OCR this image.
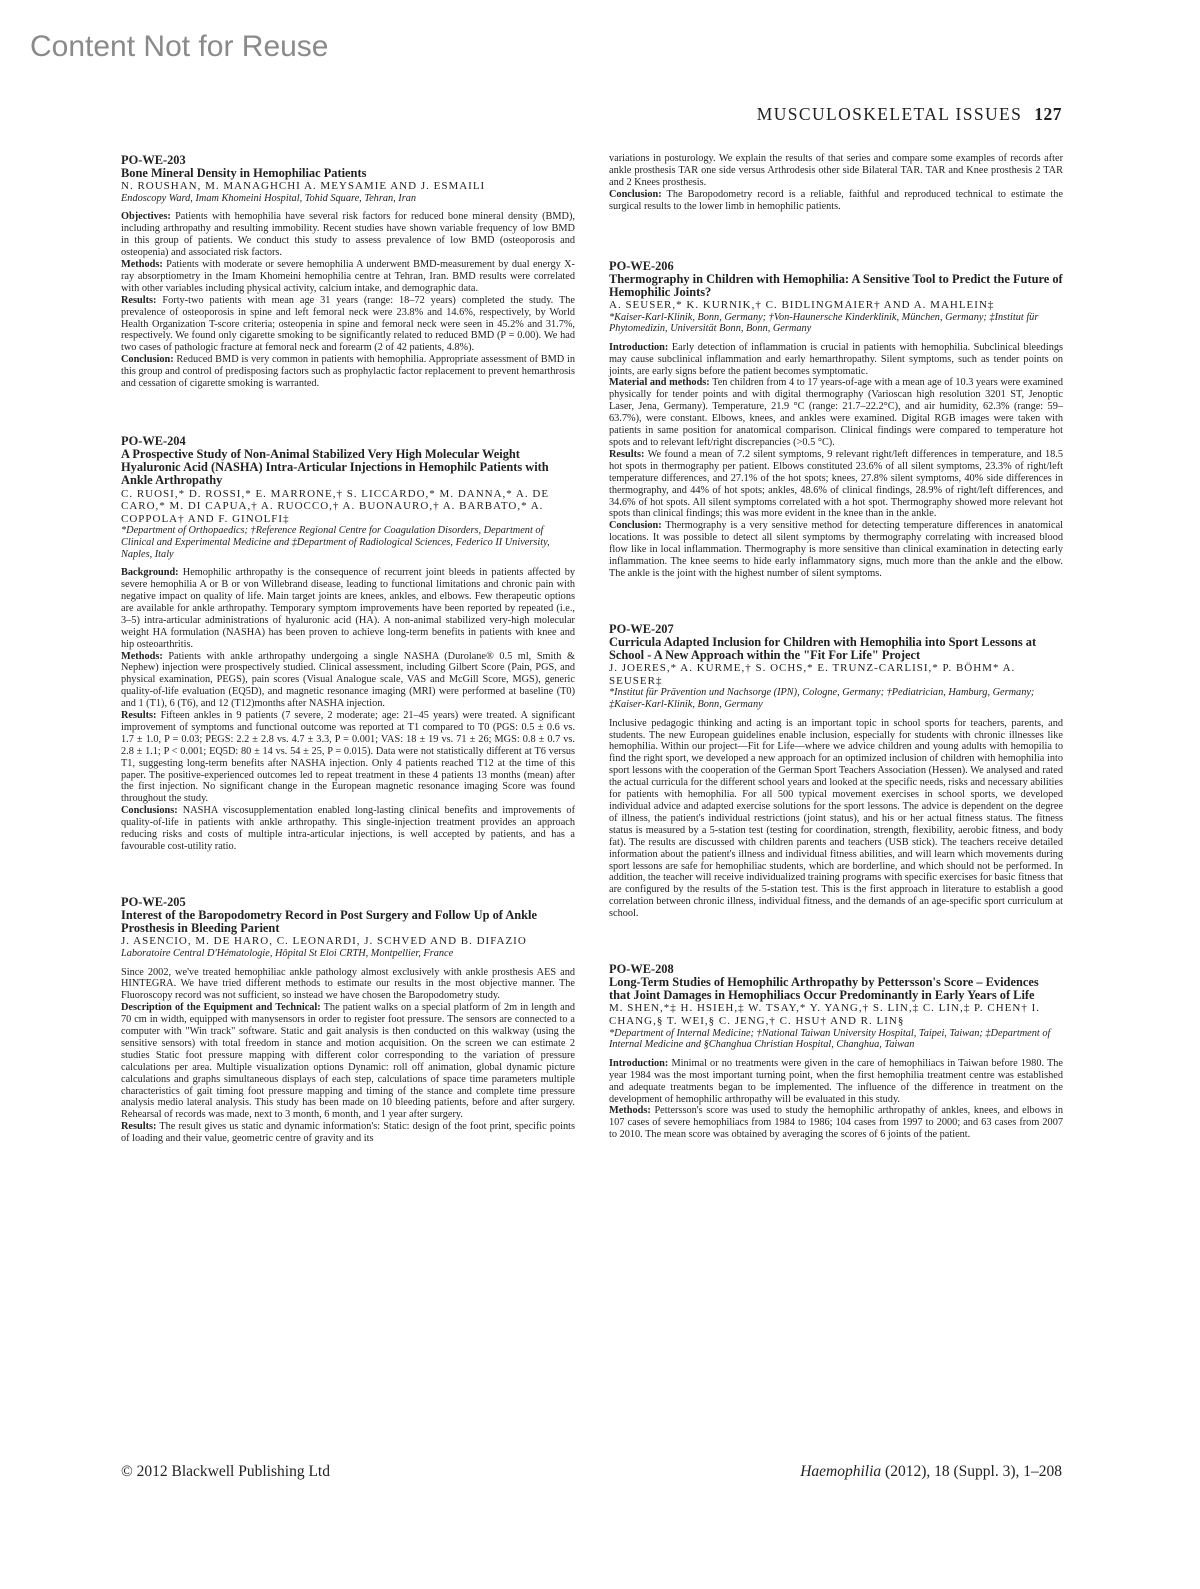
Content Not for Reuse
MUSCULOSKELETAL ISSUES 127
PO-WE-203
Bone Mineral Density in Hemophiliac Patients
N. ROUSHAN, M. MANAGHCHI A. MEYSAMIE AND J. ESMAILI
Endoscopy Ward, Imam Khomeini Hospital, Tohid Square, Tehran, Iran

Objectives: Patients with hemophilia have several risk factors for reduced bone mineral density (BMD), including arthropathy and resulting immobility. Recent studies have shown variable frequency of low BMD in this group of patients. We conduct this study to assess prevalence of low BMD (osteoporosis and osteopenia) and associated risk factors.

Methods: Patients with moderate or severe hemophilia A underwent BMD-measurement by dual energy X-ray absorptiometry in the Imam Khomeini hemophilia centre at Tehran, Iran. BMD results were correlated with other variables including physical activity, calcium intake, and demographic data.

Results: Forty-two patients with mean age 31 years (range: 18–72 years) completed the study. The prevalence of osteoporosis in spine and left femoral neck were 23.8% and 14.6%, respectively, by World Health Organization T-score criteria; osteopenia in spine and femoral neck were seen in 45.2% and 31.7%, respectively. We found only cigarette smoking to be significantly related to reduced BMD (P = 0.00). We had two cases of pathologic fracture at femoral neck and forearm (2 of 42 patients, 4.8%).

Conclusion: Reduced BMD is very common in patients with hemophilia. Appropriate assessment of BMD in this group and control of predisposing factors such as prophylactic factor replacement to prevent hemarthrosis and cessation of cigarette smoking is warranted.

PO-WE-204
A Prospective Study of Non-Animal Stabilized Very High Molecular Weight Hyaluronic Acid (NASHA) Intra-Articular Injections in Hemophilc Patients with Ankle Arthropathy
C. RUOSI,* D. ROSSI,* E. MARRONE,† S. LICCARDO,* M. DANNA,* A. DE CARO,* M. DI CAPUA,† A. RUOCCO,† A. BUONAURO,† A. BARBATO,* A. COPPOLA† AND F. GINOLFI‡
*Department of Orthopaedics; †Reference Regional Centre for Coagulation Disorders, Department of Clinical and Experimental Medicine and ‡Department of Radiological Sciences, Federico II University, Naples, Italy

Background: Hemophilic arthropathy is the consequence of recurrent joint bleeds in patients affected by severe hemophilia A or B or von Willebrand disease, leading to functional limitations and chronic pain with negative impact on quality of life. Main target joints are knees, ankles, and elbows. Few therapeutic options are available for ankle arthropathy. Temporary symptom improvements have been reported by repeated (i.e., 3–5) intra-articular administrations of hyaluronic acid (HA). A non-animal stabilized very-high molecular weight HA formulation (NASHA) has been proven to achieve long-term benefits in patients with knee and hip osteoarthritis.

Methods: Patients with ankle arthropathy undergoing a single NASHA (Durolane® 0.5 ml, Smith & Nephew) injection were prospectively studied. Clinical assessment, including Gilbert Score (Pain, PGS, and physical examination, PEGS), pain scores (Visual Analogue scale, VAS and McGill Score, MGS), generic quality-of-life evaluation (EQ5D), and magnetic resonance imaging (MRI) were performed at baseline (T0) and 1 (T1), 6 (T6), and 12 (T12)months after NASHA injection.

Results: Fifteen ankles in 9 patients (7 severe, 2 moderate; age: 21–45 years) were treated. A significant improvement of symptoms and functional outcome was reported at T1 compared to T0 (PGS: 0.5 ± 0.6 vs. 1.7 ± 1.0, P = 0.03; PEGS: 2.2 ± 2.8 vs. 4.7 ± 3.3, P = 0.001; VAS: 18 ± 19 vs. 71 ± 26; MGS: 0.8 ± 0.7 vs. 2.8 ± 1.1; P < 0.001; EQ5D: 80 ± 14 vs. 54 ± 25, P = 0.015). Data were not statistically different at T6 versus T1, suggesting long-term benefits after NASHA injection. Only 4 patients reached T12 at the time of this paper. The positive-experienced outcomes led to repeat treatment in these 4 patients 13 months (mean) after the first injection. No significant change in the European magnetic resonance imaging Score was found throughout the study.

Conclusions: NASHA viscosupplementation enabled long-lasting clinical benefits and improvements of quality-of-life in patients with ankle arthropathy. This single-injection treatment provides an approach reducing risks and costs of multiple intra-articular injections, is well accepted by patients, and has a favourable cost-utility ratio.

PO-WE-205
Interest of the Baropodometry Record in Post Surgery and Follow Up of Ankle Prosthesis in Bleeding Parient
J. ASENCIO, M. DE HARO, C. LEONARDI, J. SCHVED AND B. DIFAZIO
Laboratoire Central D'Hématologie, Hôpital St Eloi CRTH, Montpellier, France

Since 2002, we've treated hemophiliac ankle pathology almost exclusively with ankle prosthesis AES and HINTEGRA. We have tried different methods to estimate our results in the most objective manner. The Fluoroscopy record was not sufficient, so instead we have chosen the Baropodometry study.

Description of the Equipment and Technical: The patient walks on a special platform of 2m in length and 70 cm in width, equipped with manysensors in order to register foot pressure. The sensors are connected to a computer with "Win track" software. Static and gait analysis is then conducted on this walkway (using the sensitive sensors) with total freedom in stance and motion acquisition. On the screen we can estimate 2 studies Static foot pressure mapping with different color corresponding to the variation of pressure calculations per area. Multiple visualization options Dynamic: roll off animation, global dynamic picture calculations and graphs simultaneous displays of each step, calculations of space time parameters multiple characteristics of gait timing foot pressure mapping and timing of the stance and complete time pressure analysis medio lateral analysis. This study has been made on 10 bleeding patients, before and after surgery. Rehearsal of records was made, next to 3 month, 6 month, and 1 year after surgery.

Results: The result gives us static and dynamic information's: Static: design of the foot print, specific points of loading and their value, geometric centre of gravity and its

variations in posturology. We explain the results of that series and compare some examples of records after ankle prosthesis TAR one side versus Arthrodesis other side Bilateral TAR. TAR and Knee prosthesis 2 TAR and 2 Knees prosthesis.

Conclusion: The Baropodometry record is a reliable, faithful and reproduced technical to estimate the surgical results to the lower limb in hemophilic patients.

PO-WE-206
Thermography in Children with Hemophilia: A Sensitive Tool to Predict the Future of Hemophilic Joints?
A. SEUSER,* K. KURNIK,† C. BIDLINGMAIER† AND A. MAHLEIN‡
*Kaiser-Karl-Klinik, Bonn, Germany; †Von-Haunersche Kinderklinik, München, Germany; ‡Institut für Phytomedizin, Universität Bonn, Bonn, Germany

Introduction: Early detection of inflammation is crucial in patients with hemophilia. Subclinical bleedings may cause subclinical inflammation and early hemarthropathy. Silent symptoms, such as tender points on joints, are early signs before the patient becomes symptomatic.

Material and methods: Ten children from 4 to 17 years-of-age with a mean age of 10.3 years were examined physically for tender points and with digital thermography (Varioscan high resolution 3201 ST, Jenoptic Laser, Jena, Germany). Temperature, 21.9 °C (range: 21.7–22.2°C), and air humidity, 62.3% (range: 59–63.7%), were constant. Elbows, knees, and ankles were examined. Digital RGB images were taken with patients in same position for anatomical comparison. Clinical findings were compared to temperature hot spots and to relevant left/right discrepancies (>0.5 °C).

Results: We found a mean of 7.2 silent symptoms, 9 relevant right/left differences in temperature, and 18.5 hot spots in thermography per patient. Elbows constituted 23.6% of all silent symptoms, 23.3% of right/left temperature differences, and 27.1% of the hot spots; knees, 27.8% silent symptoms, 40% side differences in thermography, and 44% of hot spots; ankles, 48.6% of clinical findings, 28.9% of right/left differences, and 34.6% of hot spots. All silent symptoms correlated with a hot spot. Thermography showed more relevant hot spots than clinical findings; this was more evident in the knee than in the ankle.

Conclusion: Thermography is a very sensitive method for detecting temperature differences in anatomical locations. It was possible to detect all silent symptoms by thermography correlating with increased blood flow like in local inflammation. Thermography is more sensitive than clinical examination in detecting early inflammation. The knee seems to hide early inflammatory signs, much more than the ankle and the elbow. The ankle is the joint with the highest number of silent symptoms.

PO-WE-207
Curricula Adapted Inclusion for Children with Hemophilia into Sport Lessons at School - A New Approach within the "Fit For Life" Project
J. JOERES,* A. KURME,† S. OCHS,* E. TRUNZ-CARLISI,* P. BÖHM* A. SEUSER‡
*Institut für Prävention und Nachsorge (IPN), Cologne, Germany; †Pediatrician, Hamburg, Germany; ‡Kaiser-Karl-Klinik, Bonn, Germany

Inclusive pedagogic thinking and acting is an important topic in school sports for teachers, parents, and students. The new European guidelines enable inclusion, especially for students with chronic illnesses like hemophilia. Within our project—Fit for Life—where we advice children and young adults with hemopilia to find the right sport, we developed a new approach for an optimized inclusion of children with hemophilia into sport lessons with the cooperation of the German Sport Teachers Association (Hessen). We analysed and rated the actual curricula for the different school years and looked at the specific needs, risks and necessary abilities for patients with hemophilia. For all 500 typical movement exercises in school sports, we developed individual advice and adapted exercise solutions for the sport lessons. The advice is dependent on the degree of illness, the patient's individual restrictions (joint status), and his or her actual fitness status. The fitness status is measured by a 5-station test (testing for coordination, strength, flexibility, aerobic fitness, and body fat). The results are discussed with children parents and teachers (USB stick). The teachers receive detailed information about the patient's illness and individual fitness abilities, and will learn which movements during sport lessons are safe for hemophiliac students, which are borderline, and which should not be performed. In addition, the teacher will receive individualized training programs with specific exercises for basic fitness that are configured by the results of the 5-station test. This is the first approach in literature to establish a good correlation between chronic illness, individual fitness, and the demands of an age-specific sport curriculum at school.

PO-WE-208
Long-Term Studies of Hemophilic Arthropathy by Pettersson's Score – Evidences that Joint Damages in Hemophiliacs Occur Predominantly in Early Years of Life
M. SHEN,*‡ H. HSIEH,‡ W. TSAY,* Y. YANG,† S. LIN,‡ C. LIN,‡ P. CHEN† I. CHANG,§ T. WEI,§ C. JENG,† C. HSU† AND R. LIN§
*Department of Internal Medicine; †National Taiwan University Hospital, Taipei, Taiwan; ‡Department of Internal Medicine and §Changhua Christian Hospital, Changhua, Taiwan

Introduction: Minimal or no treatments were given in the care of hemophiliacs in Taiwan before 1980. The year 1984 was the most important turning point, when the first hemophilia treatment centre was established and adequate treatments began to be implemented. The influence of the difference in treatment on the development of hemophilic arthropathy will be evaluated in this study.

Methods: Pettersson's score was used to study the hemophilic arthropathy of ankles, knees, and elbows in 107 cases of severe hemophiliacs from 1984 to 1986; 104 cases from 1997 to 2000; and 63 cases from 2007 to 2010. The mean score was obtained by averaging the scores of 6 joints of the patient.

© 2012 Blackwell Publishing Ltd	Haemophilia (2012), 18 (Suppl. 3), 1–208
